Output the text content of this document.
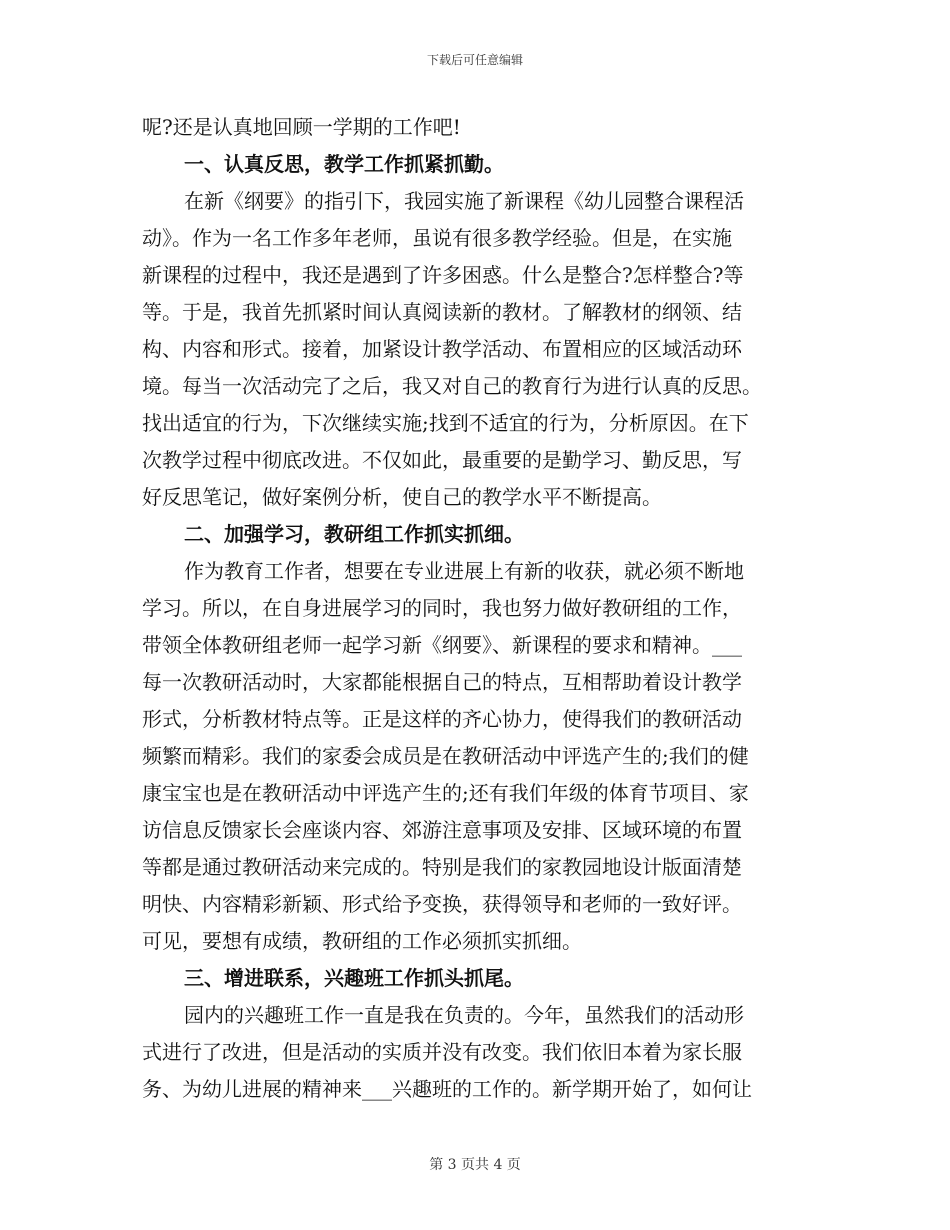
下载后可任意编辑
呢?还是认真地回顾一学期的工作吧!
一、认真反思，教学工作抓紧抓勤。
在新《纲要》的指引下，我园实施了新课程《幼儿园整合课程活
动》。作为一名工作多年老师，虽说有很多教学经验。但是，在实施
新课程的过程中，我还是遇到了许多困惑。什么是整合?怎样整合?等
等。于是，我首先抓紧时间认真阅读新的教材。了解教材的纲领、结
构、内容和形式。接着，加紧设计教学活动、布置相应的区域活动环
境。每当一次活动完了之后，我又对自己的教育行为进行认真的反思。
找出适宜的行为，下次继续实施;找到不适宜的行为，分析原因。在下
次教学过程中彻底改进。不仅如此，最重要的是勤学习、勤反思，写
好反思笔记，做好案例分析，使自己的教学水平不断提高。
二、加强学习，教研组工作抓实抓细。
作为教育工作者，想要在专业进展上有新的收获，就必须不断地
学习。所以，在自身进展学习的同时，我也努力做好教研组的工作，
带领全体教研组老师一起学习新《纲要》、新课程的要求和精神。___
每一次教研活动时，大家都能根据自己的特点，互相帮助着设计教学
形式，分析教材特点等。正是这样的齐心协力，使得我们的教研活动
频繁而精彩。我们的家委会成员是在教研活动中评选产生的;我们的健
康宝宝也是在教研活动中评选产生的;还有我们年级的体育节项目、家
访信息反馈家长会座谈内容、郊游注意事项及安排、区域环境的布置
等都是通过教研活动来完成的。特别是我们的家教园地设计版面清楚
明快、内容精彩新颖、形式给予变换，获得领导和老师的一致好评。
可见，要想有成绩，教研组的工作必须抓实抓细。
三、增进联系，兴趣班工作抓头抓尾。
园内的兴趣班工作一直是我在负责的。今年，虽然我们的活动形
式进行了改进，但是活动的实质并没有改变。我们依旧本着为家长服
务、为幼儿进展的精神来___兴趣班的工作的。新学期开始了，如何让
第 3 页共 4 页
